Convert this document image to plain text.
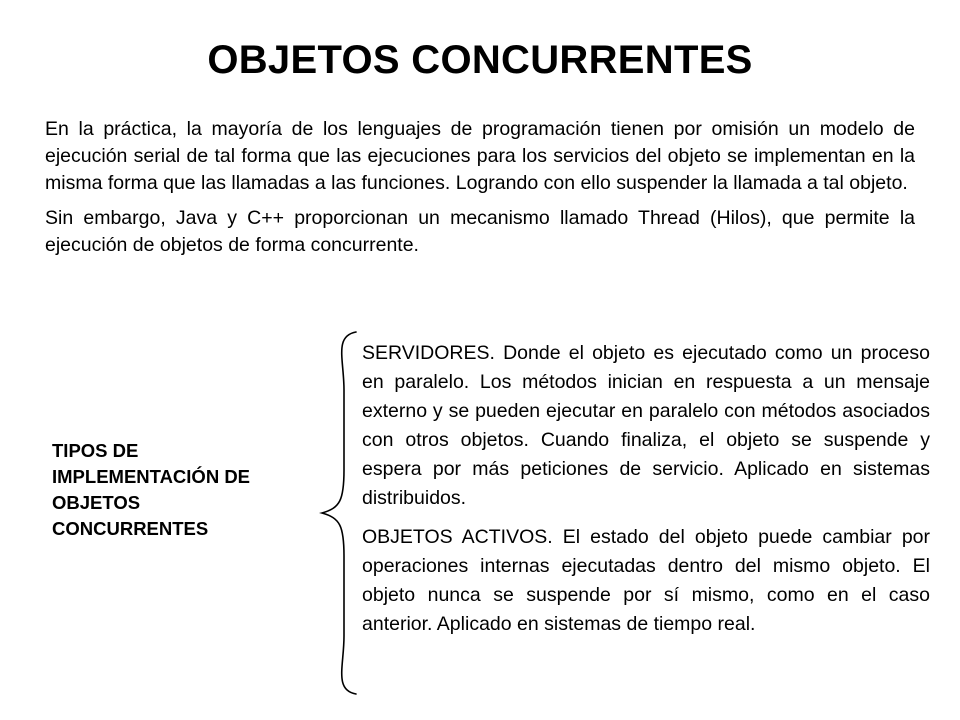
OBJETOS CONCURRENTES

En la práctica, la mayoría de los lenguajes de programación tienen por omisión un modelo de ejecución serial de tal forma que las ejecuciones para los servicios del objeto se implementan en la misma forma que las llamadas a las funciones. Logrando con ello suspender la llamada a tal objeto.

Sin embargo, Java y C++ proporcionan un mecanismo llamado Thread (Hilos), que permite la ejecución de objetos de forma concurrente.

TIPOS DE
IMPLEMENTACIÓN DE
OBJETOS
CONCURRENTES

SERVIDORES. Donde el objeto es ejecutado como un proceso en paralelo. Los métodos inician en respuesta a un mensaje externo y se pueden ejecutar en paralelo con métodos asociados con otros objetos. Cuando finaliza, el objeto se suspende y espera por más peticiones de servicio. Aplicado en sistemas distribuidos.

OBJETOS ACTIVOS. El estado del objeto puede cambiar por operaciones internas ejecutadas dentro del mismo objeto. El objeto nunca se suspende por sí mismo, como en el caso anterior. Aplicado en sistemas de tiempo real.
